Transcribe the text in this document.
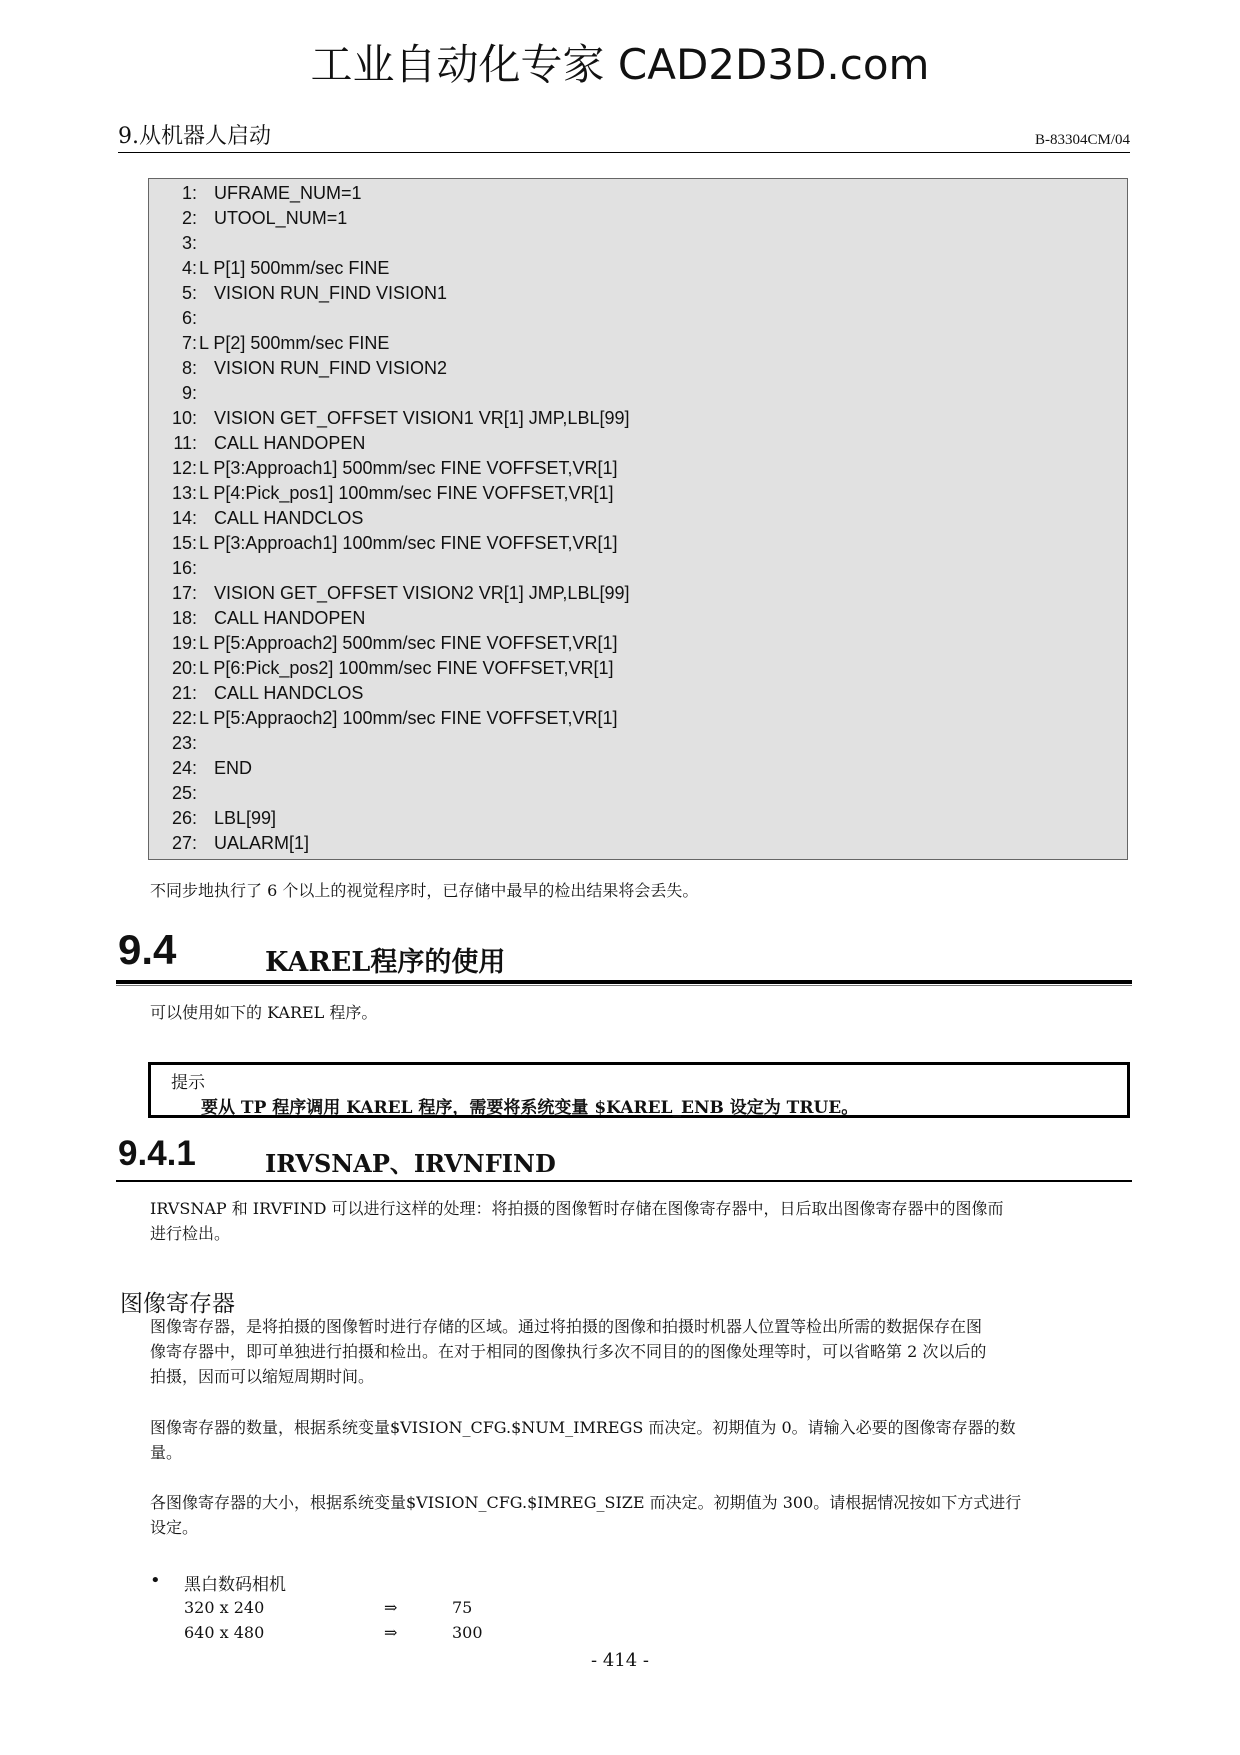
工业自动化专家 CAD2D3D.com
9.从机器人启动	B-83304CM/04
1: UFRAME_NUM=1
2: UTOOL_NUM=1
3:
4: L P[1] 500mm/sec FINE
5: VISION RUN_FIND VISION1
6:
7: L P[2] 500mm/sec FINE
8: VISION RUN_FIND VISION2
9:
10: VISION GET_OFFSET VISION1 VR[1] JMP,LBL[99]
11: CALL HANDOPEN
12: L P[3:Approach1] 500mm/sec FINE VOFFSET,VR[1]
13: L P[4:Pick_pos1] 100mm/sec FINE VOFFSET,VR[1]
14: CALL HANDCLOS
15: L P[3:Approach1] 100mm/sec FINE VOFFSET,VR[1]
16:
17: VISION GET_OFFSET VISION2 VR[1] JMP,LBL[99]
18: CALL HANDOPEN
19: L P[5:Approach2] 500mm/sec FINE VOFFSET,VR[1]
20: L P[6:Pick_pos2] 100mm/sec FINE VOFFSET,VR[1]
21: CALL HANDCLOS
22: L P[5:Appraoch2] 100mm/sec FINE VOFFSET,VR[1]
23:
24: END
25:
26: LBL[99]
27: UALARM[1]
不同步地执行了 6 个以上的视觉程序时，已存储中最早的检出结果将会丢失。
9.4	KAREL程序的使用
可以使用如下的 KAREL 程序。
提示
要从 TP 程序调用 KAREL 程序，需要将系统变量 $KAREL_ENB 设定为 TRUE。
9.4.1	IRVSNAP、IRVNFIND
IRVSNAP 和 IRVFIND 可以进行这样的处理：将拍摄的图像暂时存储在图像寄存器中，日后取出图像寄存器中的图像而
进行检出。
图像寄存器
图像寄存器，是将拍摄的图像暂时进行存储的区域。通过将拍摄的图像和拍摄时机器人位置等检出所需的数据保存在图
像寄存器中，即可单独进行拍摄和检出。在对于相同的图像执行多次不同目的的图像处理等时，可以省略第 2 次以后的
拍摄，因而可以缩短周期时间。
图像寄存器的数量，根据系统变量$VISION_CFG.$NUM_IMREGS 而决定。初期值为 0。请输入必要的图像寄存器的数
量。
各图像寄存器的大小，根据系统变量$VISION_CFG.$IMREG_SIZE 而决定。初期值为 300。请根据情况按如下方式进行
设定。
• 黑白数码相机
320 x 240	⇒	75
640 x 480	⇒	300
- 414 -
